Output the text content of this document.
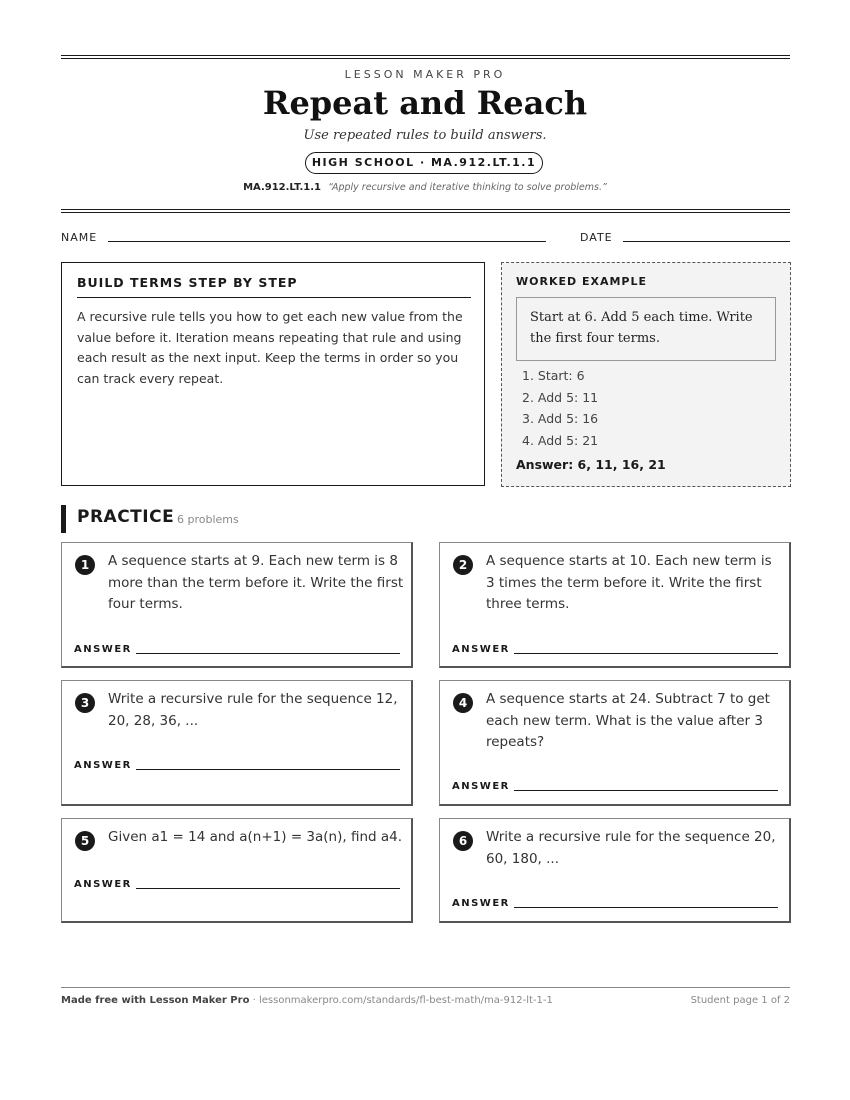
LESSON MAKER PRO
Repeat and Reach
Use repeated rules to build answers.
HIGH SCHOOL · MA.912.LT.1.1
MA.912.LT.1.1 “Apply recursive and iterative thinking to solve problems.”
NAME	DATE
BUILD TERMS STEP BY STEP

A recursive rule tells you how to get each new value from the value before it. Iteration means repeating that rule and using each result as the next input. Keep the terms in order so you can track every repeat.

WORKED EXAMPLE
Start at 6. Add 5 each time. Write the first four terms.
1. Start: 6
2. Add 5: 11
3. Add 5: 16
4. Add 5: 21
Answer: 6, 11, 16, 21
PRACTICE 6 problems
1	A sequence starts at 9. Each new term is 8 more than the term before it. Write the first four terms.

ANSWER
2	A sequence starts at 10. Each new term is 3 times the term before it. Write the first three terms.

ANSWER
3	Write a recursive rule for the sequence 12, 20, 28, 36, ...

ANSWER
4	A sequence starts at 24. Subtract 7 to get each new term. What is the value after 3 repeats?

ANSWER
5	Given a1 = 14 and a(n+1) = 3a(n), find a4.

ANSWER
6	Write a recursive rule for the sequence 20, 60, 180, ...

ANSWER
Made free with Lesson Maker Pro · lessonmakerpro.com/standards/fl-best-math/ma-912-lt-1-1	Student page 1 of 2
